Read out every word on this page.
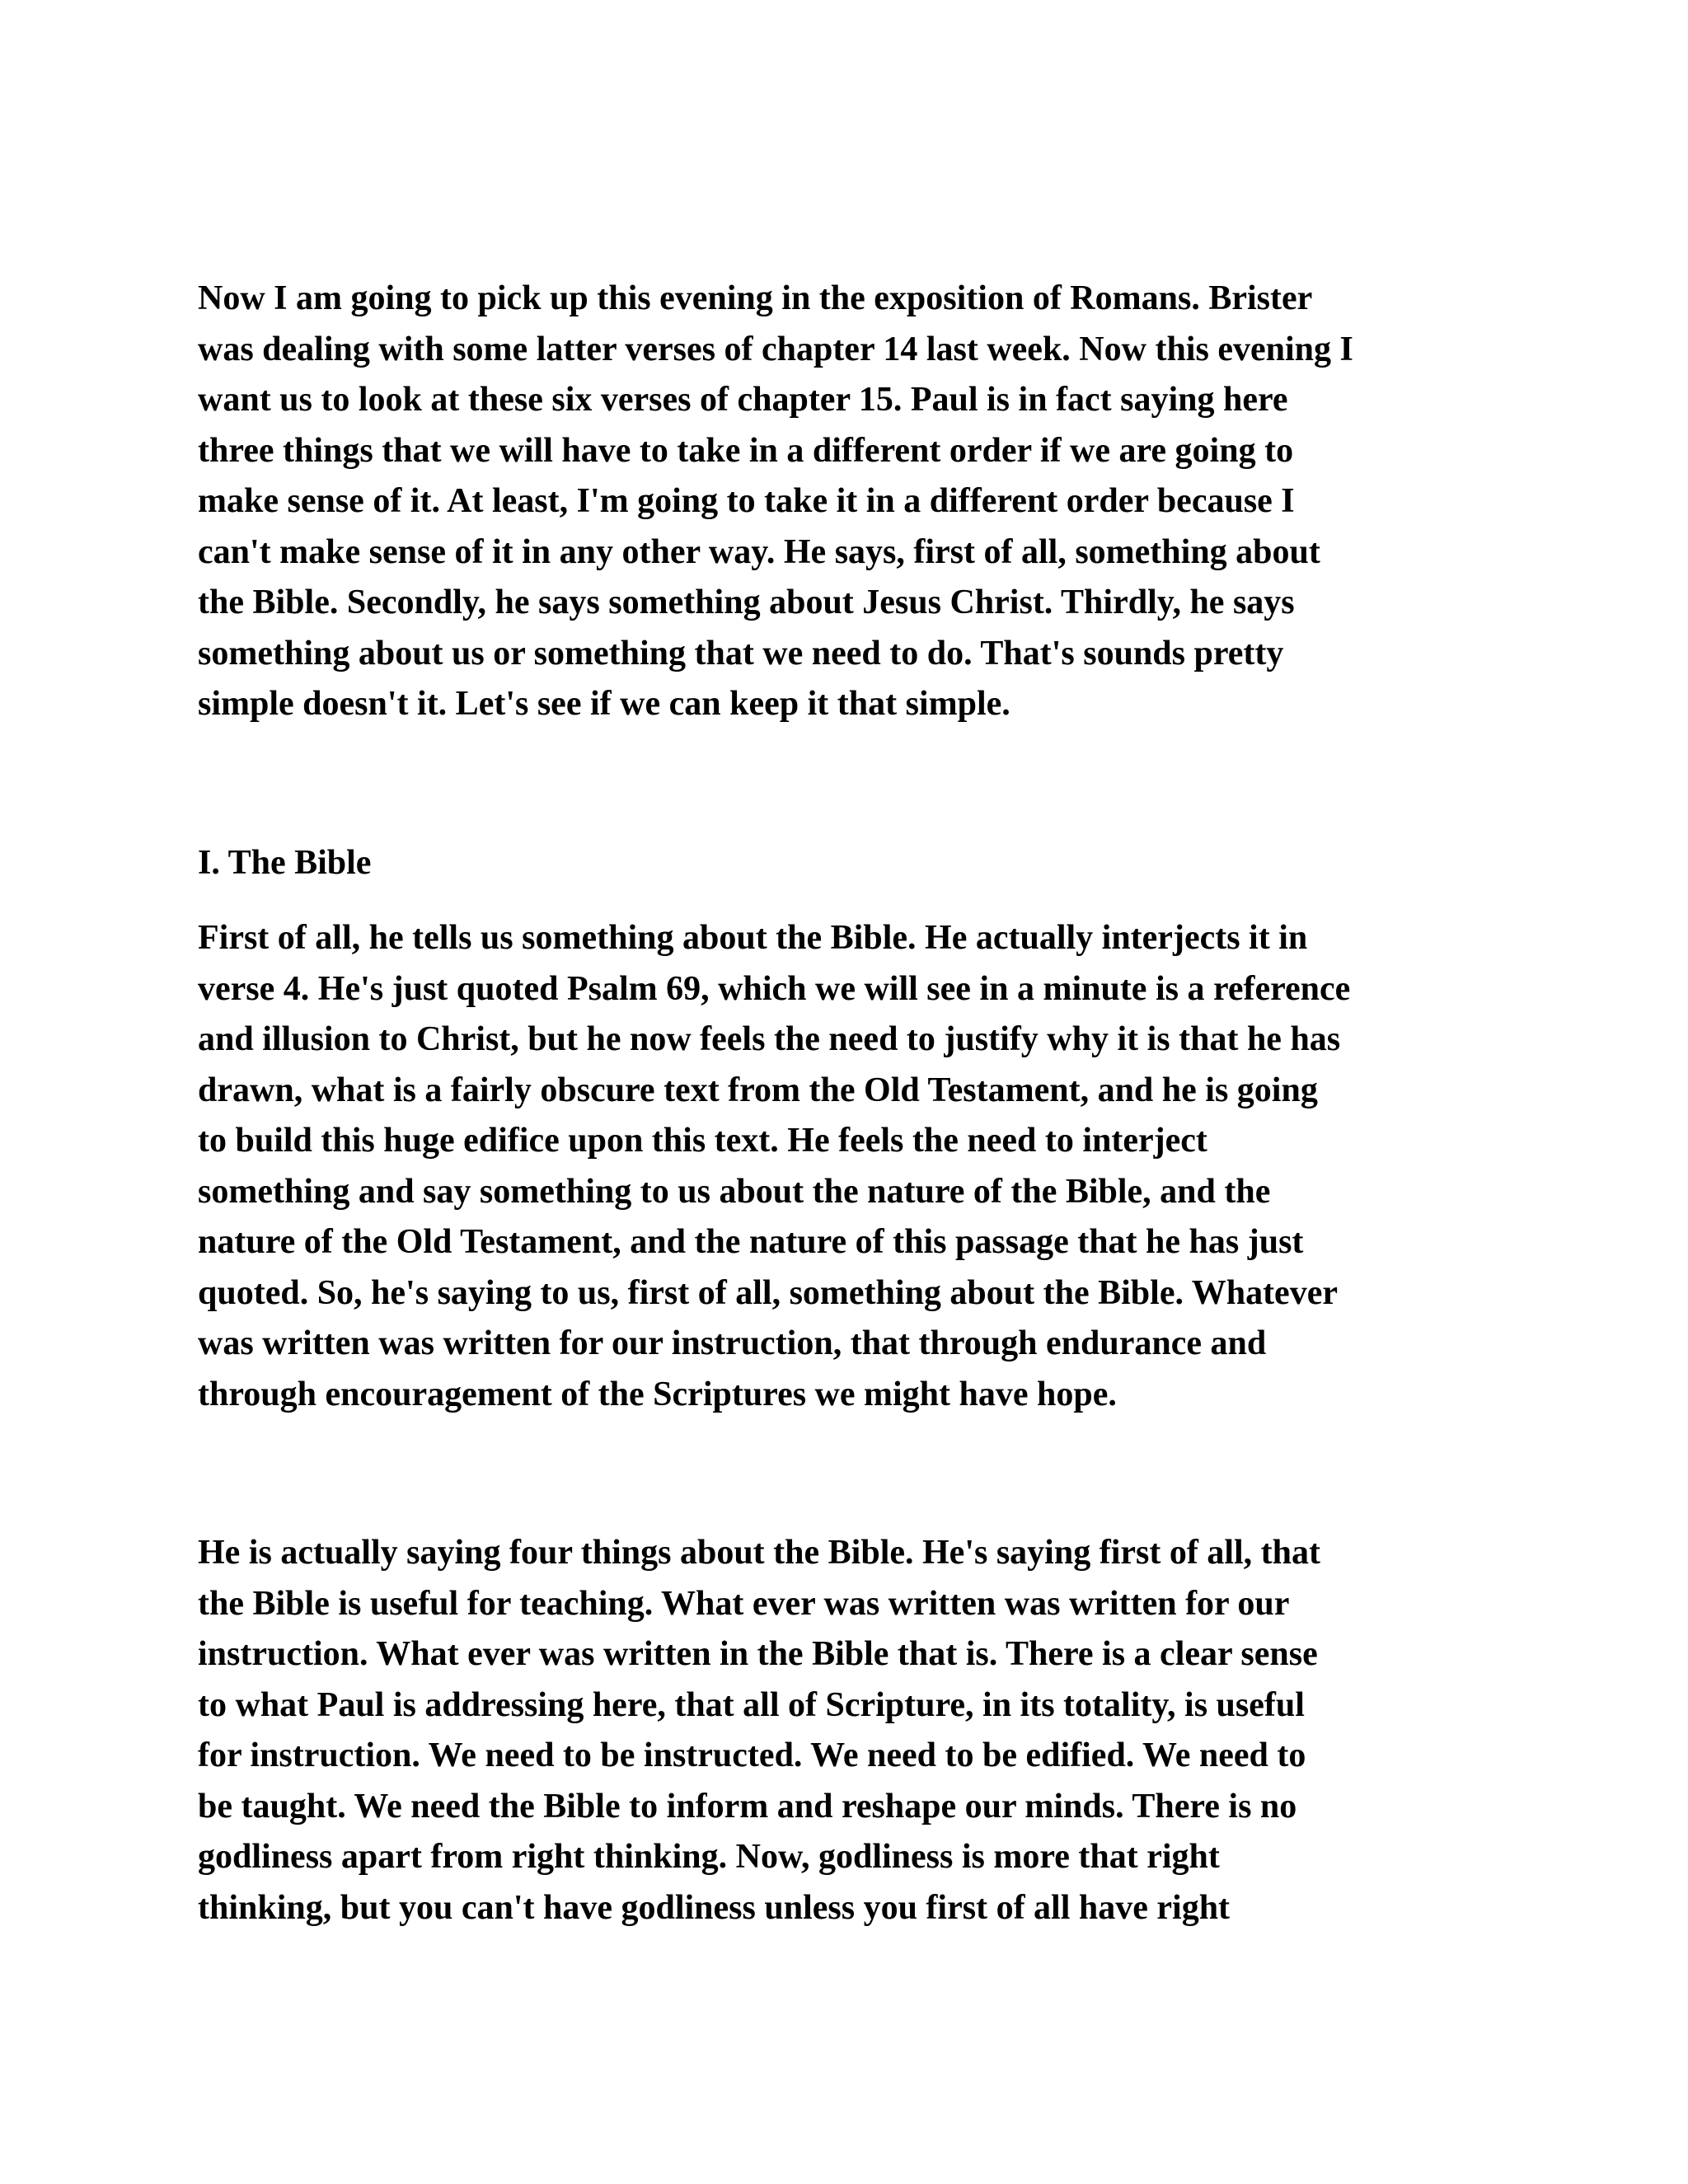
Now I am going to pick up this evening in the exposition of Romans. Brister
was dealing with some latter verses of chapter 14 last week. Now this evening I
want us to look at these six verses of chapter 15. Paul is in fact saying here
three things that we will have to take in a different order if we are going to
make sense of it. At least, I'm going to take it in a different order because I
can't make sense of it in any other way. He says, first of all, something about
the Bible. Secondly, he says something about Jesus Christ. Thirdly, he says
something about us or something that we need to do. That's sounds pretty
simple doesn't it. Let's see if we can keep it that simple.

I. The Bible

First of all, he tells us something about the Bible. He actually interjects it in
verse 4. He's just quoted Psalm 69, which we will see in a minute is a reference
and illusion to Christ, but he now feels the need to justify why it is that he has
drawn, what is a fairly obscure text from the Old Testament, and he is going
to build this huge edifice upon this text. He feels the need to interject
something and say something to us about the nature of the Bible, and the
nature of the Old Testament, and the nature of this passage that he has just
quoted. So, he's saying to us, first of all, something about the Bible. Whatever
was written was written for our instruction, that through endurance and
through encouragement of the Scriptures we might have hope.

He is actually saying four things about the Bible. He's saying first of all, that
the Bible is useful for teaching. What ever was written was written for our
instruction. What ever was written in the Bible that is. There is a clear sense
to what Paul is addressing here, that all of Scripture, in its totality, is useful
for instruction. We need to be instructed. We need to be edified. We need to
be taught. We need the Bible to inform and reshape our minds. There is no
godliness apart from right thinking. Now, godliness is more that right
thinking, but you can't have godliness unless you first of all have right
